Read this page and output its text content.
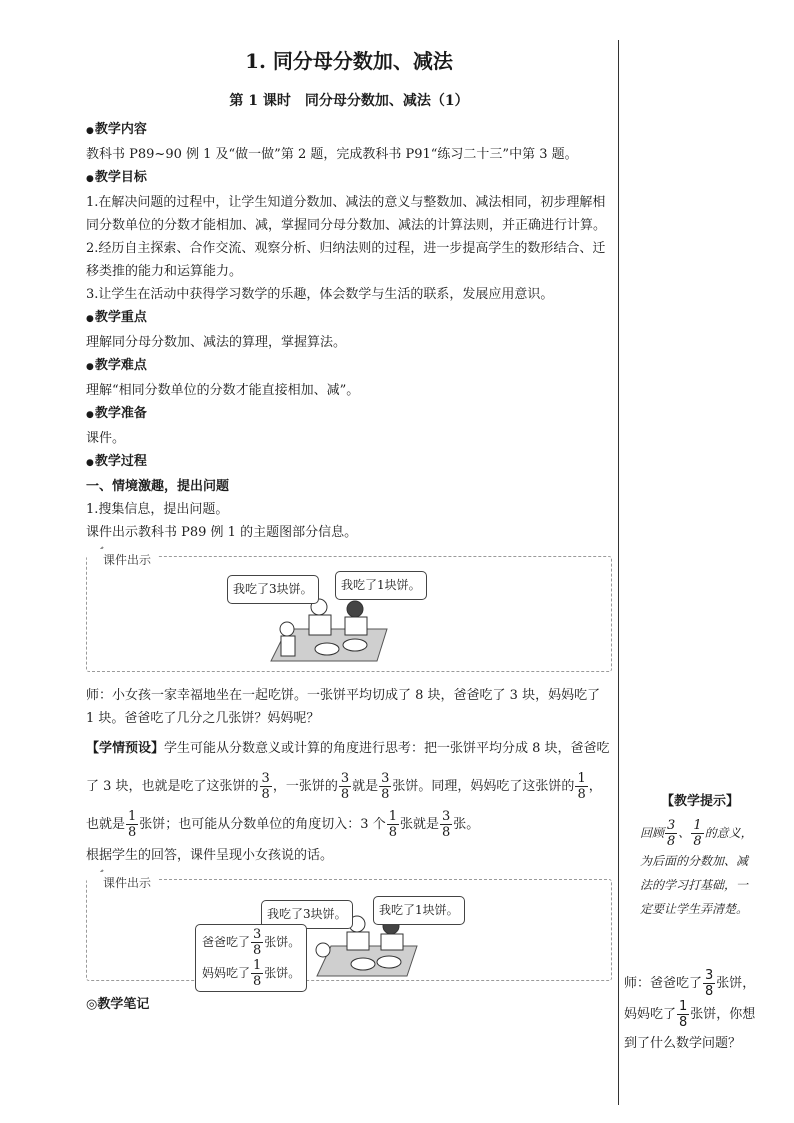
1. 同分母分数加、减法
第 1 课时　同分母分数加、减法（1）
●教学内容

教科书 P89~90 例 1 及“做一做”第 2 题，完成教科书 P91“练习二十三”中第 3 题。

●教学目标

1.在解决问题的过程中，让学生知道分数加、减法的意义与整数加、减法相同，初步理解相同分数单位的分数才能相加、减，掌握同分母分数加、减法的计算法则，并正确进行计算。

2.经历自主探索、合作交流、观察分析、归纳法则的过程，进一步提高学生的数形结合、迁移类推的能力和运算能力。

3.让学生在活动中获得学习数学的乐趣，体会数学与生活的联系，发展应用意识。

●教学重点

理解同分母分数加、减法的算理，掌握算法。

●教学难点

理解“相同分数单位的分数才能直接相加、减”。

●教学准备

课件。

●教学过程

一、情境激趣，提出问题

1.搜集信息，提出问题。

课件出示教科书 P89 例 1 的主题图部分信息。

课件出示
我吃了3块饼。	我吃了1块饼。

师：小女孩一家幸福地坐在一起吃饼。一张饼平均切成了 8 块，爸爸吃了 3 块，妈妈吃了 1 块。爸爸吃了几分之几张饼？妈妈呢？

【学情预设】学生可能从分数意义或计算的角度进行思考：把一张饼平均分成 8 块，爸爸吃了 3 块，也就是吃了这张饼的 $\frac{3}{8}$ ，一张饼的 $\frac{3}{8}$ 就是 $\frac{3}{8}$ 张饼。同理，妈妈吃了这张饼的 $\frac{1}{8}$ ，也就是 $\frac{1}{8}$ 张饼；也可能从分数单位的角度切入：3 个 $\frac{1}{8}$ 张就是 $\frac{3}{8}$ 张。

根据学生的回答，课件呈现小女孩说的话。

课件出示
我吃了3块饼。	我吃了1块饼。
爸爸吃了 $\frac{3}{8}$ 张饼。
妈妈吃了 $\frac{1}{8}$ 张饼。
◎教学笔记
【教学提示】
回顾 $\frac{3}{8}$ 、 $\frac{1}{8}$ 的意义，为后面的分数加、减法的学习打基础，一定要让学生弄清楚。
师：爸爸吃了 $\frac{3}{8}$ 张饼，妈妈吃了 $\frac{1}{8}$ 张饼，你想到了什么数学问题？
